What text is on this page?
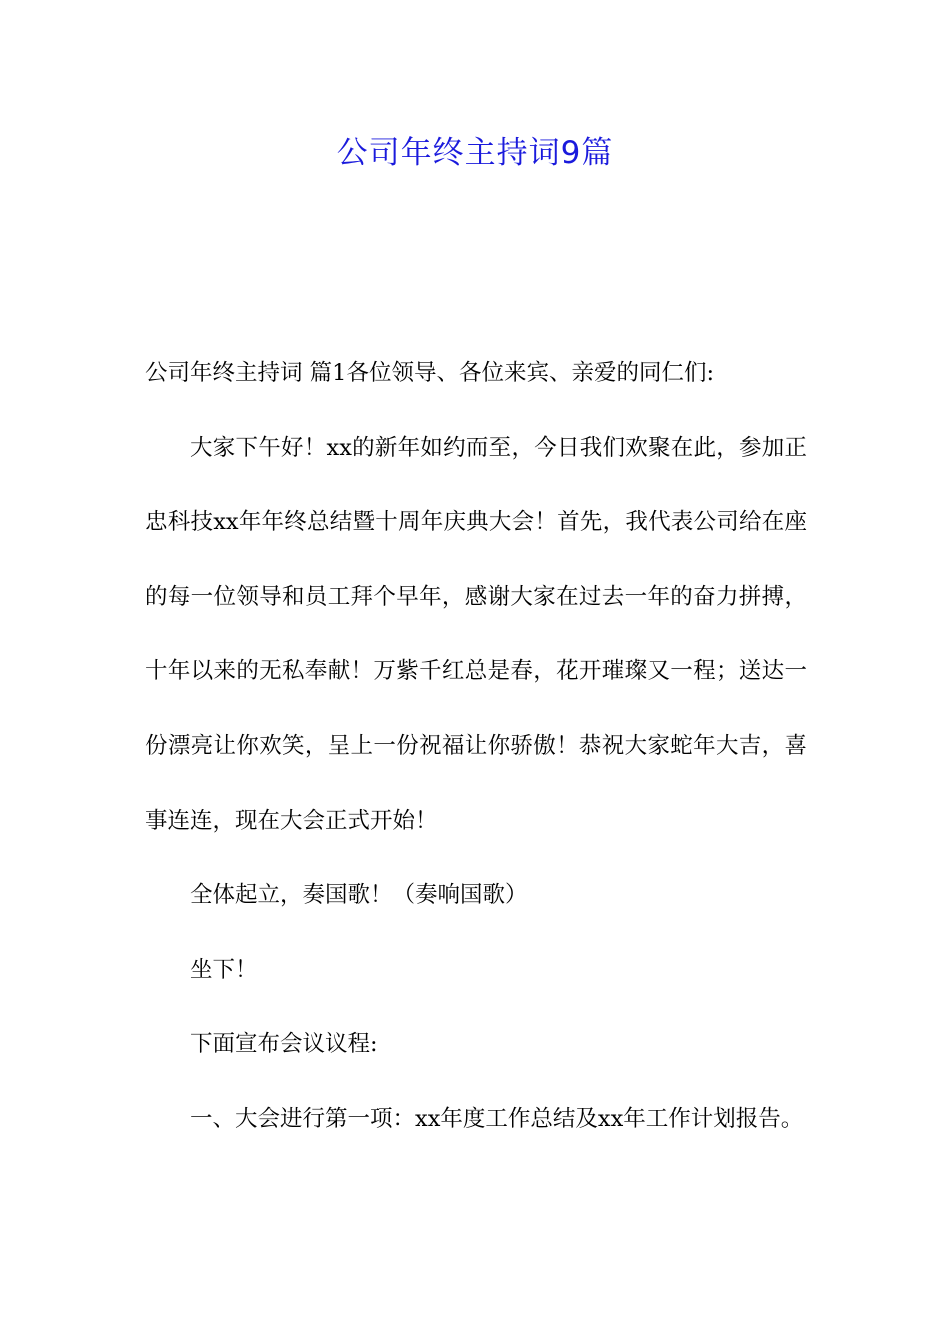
公司年终主持词9篇

公司年终主持词 篇1各位领导、各位来宾、亲爱的同仁们:

大家下午好！xx的新年如约而至，今日我们欢聚在此，参加正忠科技xx年年终总结暨十周年庆典大会！首先，我代表公司给在座的每一位领导和员工拜个早年，感谢大家在过去一年的奋力拼搏，十年以来的无私奉献！万紫千红总是春，花开璀璨又一程；送达一份漂亮让你欢笑，呈上一份祝福让你骄傲！恭祝大家蛇年大吉，喜事连连，现在大会正式开始！

全体起立，奏国歌！（奏响国歌）

坐下！

下面宣布会议议程:

一、大会进行第一项：xx年度工作总结及xx年工作计划报告。
